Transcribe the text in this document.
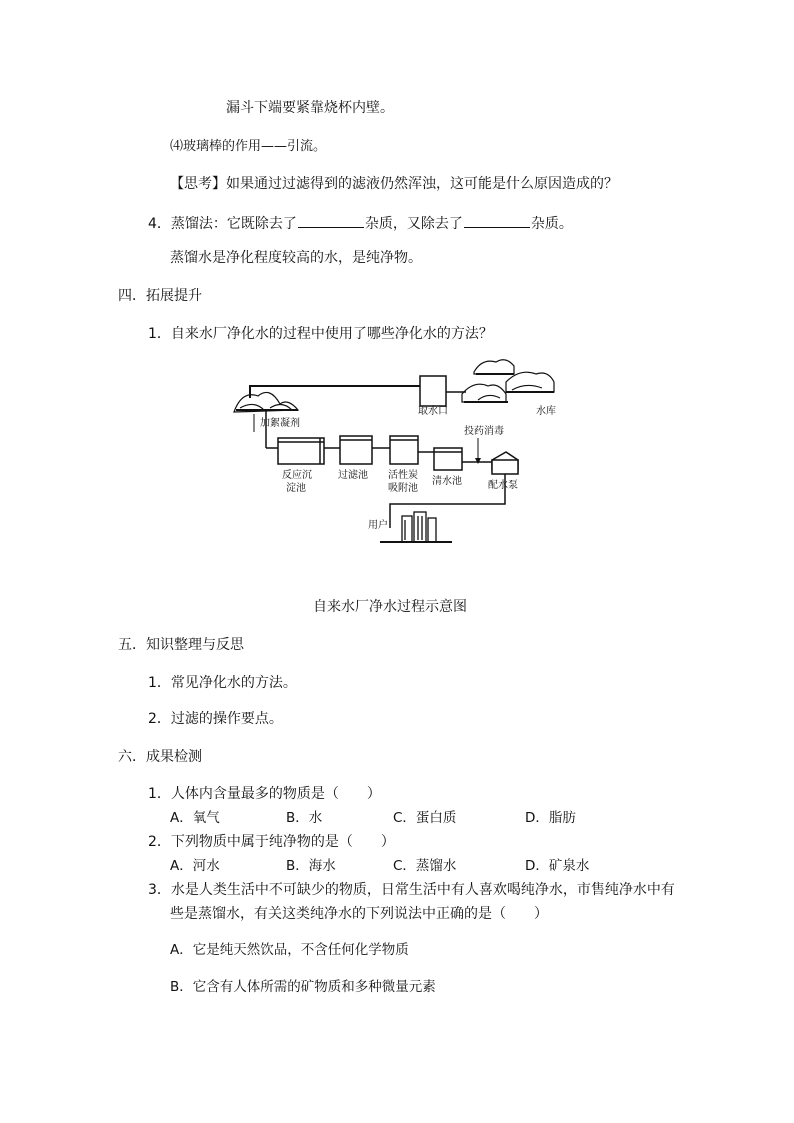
漏斗下端要紧靠烧杯内壁。
⑷玻璃棒的作用——引流。
【思考】如果通过过滤得到的滤液仍然浑浊，这可能是什么原因造成的？
4．蒸馏法：它既除去了	杂质，又除去了	杂质。
蒸馏水是净化程度较高的水，是纯净物。
四．拓展提升
1．自来水厂净化水的过程中使用了哪些净化水的方法？
取水口	水库
加絮凝剂
反应沉
淀池
过滤池 活性炭
吸附池
清水池
投药消毒
配水泵
用户
自来水厂净水过程示意图
五．知识整理与反思
1．常见净化水的方法。
2．过滤的操作要点。
六．成果检测
1．人体内含量最多的物质是（　　）
A．氧气	B．水	C．蛋白质	D．脂肪
2．下列物质中属于纯净物的是（　　）
A．河水	B．海水	C．蒸馏水	D．矿泉水
3．水是人类生活中不可缺少的物质，日常生活中有人喜欢喝纯净水，市售纯净水中有
些是蒸馏水，有关这类纯净水的下列说法中正确的是（　　）
A．它是纯天然饮品，不含任何化学物质
B．它含有人体所需的矿物质和多种微量元素
